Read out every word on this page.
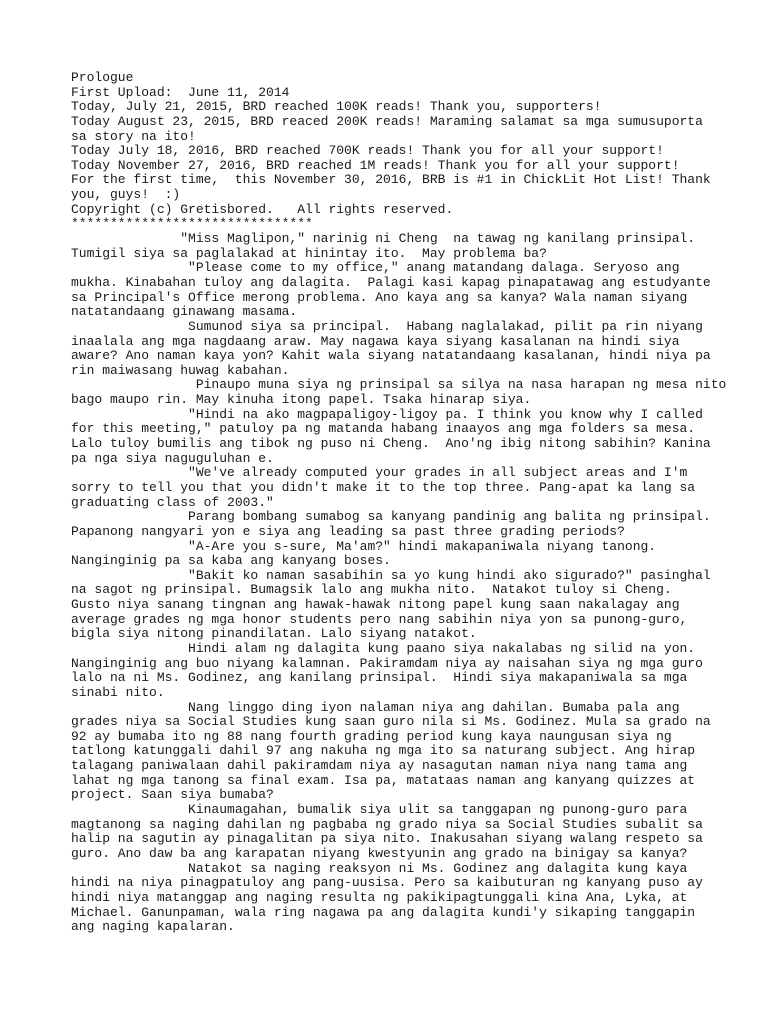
Prologue
First Upload:  June 11, 2014
Today, July 21, 2015, BRD reached 100K reads! Thank you, supporters!
Today August 23, 2015, BRD reaced 200K reads! Maraming salamat sa mga sumusuporta
sa story na ito!
Today July 18, 2016, BRD reached 700K reads! Thank you for all your support!
Today November 27, 2016, BRD reached 1M reads! Thank you for all your support!
For the first time,  this November 30, 2016, BRB is #1 in ChickLit Hot List! Thank
you, guys!  :)
Copyright (c) Gretisbored.   All rights reserved.
*******************************
"Miss Maglipon," narinig ni Cheng  na tawag ng kanilang prinsipal.
Tumigil siya sa paglalakad at hinintay ito.  May problema ba?
"Please come to my office," anang matandang dalaga. Seryoso ang
mukha. Kinabahan tuloy ang dalagita.  Palagi kasi kapag pinapatawag ang estudyante
sa Principal's Office merong problema. Ano kaya ang sa kanya? Wala naman siyang
natatandaang ginawang masama.
Sumunod siya sa principal.  Habang naglalakad, pilit pa rin niyang
inaalala ang mga nagdaang araw. May nagawa kaya siyang kasalanan na hindi siya
aware? Ano naman kaya yon? Kahit wala siyang natatandaang kasalanan, hindi niya pa
rin maiwasang huwag kabahan.
Pinaupo muna siya ng prinsipal sa silya na nasa harapan ng mesa nito
bago maupo rin. May kinuha itong papel. Tsaka hinarap siya.
"Hindi na ako magpapaligoy-ligoy pa. I think you know why I called
for this meeting," patuloy pa ng matanda habang inaayos ang mga folders sa mesa.
Lalo tuloy bumilis ang tibok ng puso ni Cheng.  Ano'ng ibig nitong sabihin? Kanina
pa nga siya naguguluhan e.
"We've already computed your grades in all subject areas and I'm
sorry to tell you that you didn't make it to the top three. Pang-apat ka lang sa
graduating class of 2003."
Parang bombang sumabog sa kanyang pandinig ang balita ng prinsipal.
Papanong nangyari yon e siya ang leading sa past three grading periods?
"A-Are you s-sure, Ma'am?" hindi makapaniwala niyang tanong.
Nanginginig pa sa kaba ang kanyang boses.
"Bakit ko naman sasabihin sa yo kung hindi ako sigurado?" pasinghal
na sagot ng prinsipal. Bumagsik lalo ang mukha nito.  Natakot tuloy si Cheng.
Gusto niya sanang tingnan ang hawak-hawak nitong papel kung saan nakalagay ang
average grades ng mga honor students pero nang sabihin niya yon sa punong-guro,
bigla siya nitong pinandilatan. Lalo siyang natakot.
Hindi alam ng dalagita kung paano siya nakalabas ng silid na yon.
Nanginginig ang buo niyang kalamnan. Pakiramdam niya ay naisahan siya ng mga guro
lalo na ni Ms. Godinez, ang kanilang prinsipal.  Hindi siya makapaniwala sa mga
sinabi nito.
Nang linggo ding iyon nalaman niya ang dahilan. Bumaba pala ang
grades niya sa Social Studies kung saan guro nila si Ms. Godinez. Mula sa grado na
92 ay bumaba ito ng 88 nang fourth grading period kung kaya naungusan siya ng
tatlong katunggali dahil 97 ang nakuha ng mga ito sa naturang subject. Ang hirap
talagang paniwalaan dahil pakiramdam niya ay nasagutan naman niya nang tama ang
lahat ng mga tanong sa final exam. Isa pa, matataas naman ang kanyang quizzes at
project. Saan siya bumaba?
Kinaumagahan, bumalik siya ulit sa tanggapan ng punong-guro para
magtanong sa naging dahilan ng pagbaba ng grado niya sa Social Studies subalit sa
halip na sagutin ay pinagalitan pa siya nito. Inakusahan siyang walang respeto sa
guro. Ano daw ba ang karapatan niyang kwestyunin ang grado na binigay sa kanya?
Natakot sa naging reaksyon ni Ms. Godinez ang dalagita kung kaya
hindi na niya pinagpatuloy ang pang-uusisa. Pero sa kaibuturan ng kanyang puso ay
hindi niya matanggap ang naging resulta ng pakikipagtunggali kina Ana, Lyka, at
Michael. Ganunpaman, wala ring nagawa pa ang dalagita kundi'y sikaping tanggapin
ang naging kapalaran.
